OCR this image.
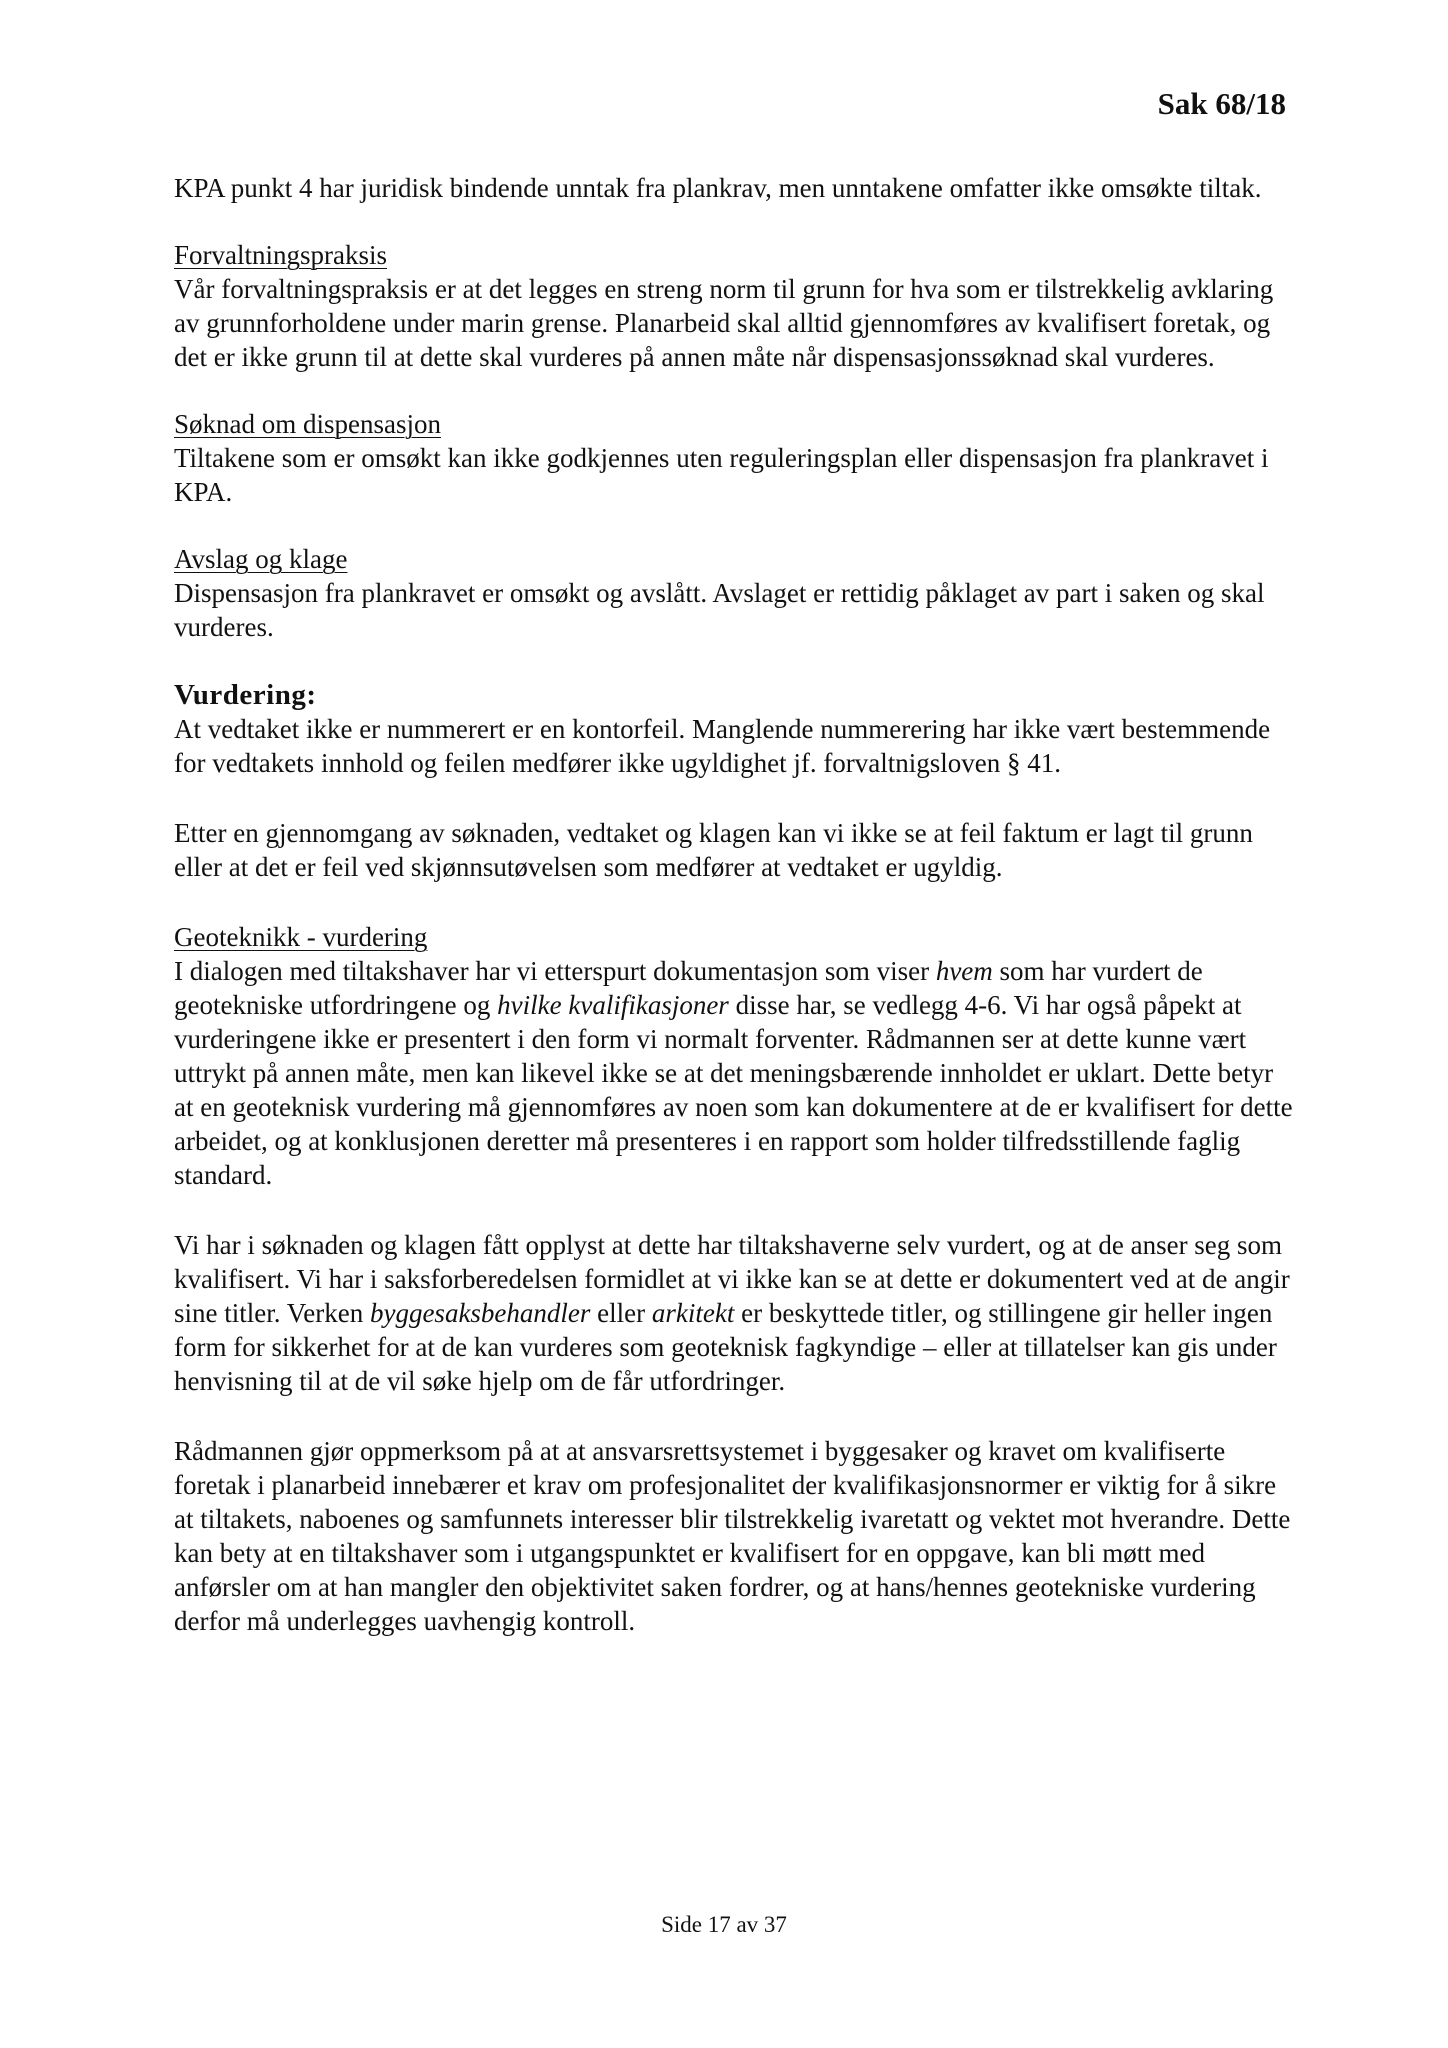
Sak 68/18

KPA punkt 4 har juridisk bindende unntak fra plankrav, men unntakene omfatter ikke omsøkte tiltak.

Forvaltningspraksis

Vår forvaltningspraksis er at det legges en streng norm til grunn for hva som er tilstrekkelig avklaring av grunnforholdene under marin grense. Planarbeid skal alltid gjennomføres av kvalifisert foretak, og det er ikke grunn til at dette skal vurderes på annen måte når dispensasjonssøknad skal vurderes.

Søknad om dispensasjon

Tiltakene som er omsøkt kan ikke godkjennes uten reguleringsplan eller dispensasjon fra plankravet i KPA.

Avslag og klage

Dispensasjon fra plankravet er omsøkt og avslått. Avslaget er rettidig påklaget av part i saken og skal vurderes.

Vurdering:

At vedtaket ikke er nummerert er en kontorfeil. Manglende nummerering har ikke vært bestemmende for vedtakets innhold og feilen medfører ikke ugyldighet jf. forvaltnigsloven § 41.

Etter en gjennomgang av søknaden, vedtaket og klagen kan vi ikke se at feil faktum er lagt til grunn eller at det er feil ved skjønnsutøvelsen som medfører at vedtaket er ugyldig.

Geoteknikk - vurdering

I dialogen med tiltakshaver har vi etterspurt dokumentasjon som viser hvem som har vurdert de geotekniske utfordringene og hvilke kvalifikasjoner disse har, se vedlegg 4-6. Vi har også påpekt at vurderingene ikke er presentert i den form vi normalt forventer. Rådmannen ser at dette kunne vært uttrykt på annen måte, men kan likevel ikke se at det meningsbærende innholdet er uklart. Dette betyr at en geoteknisk vurdering må gjennomføres av noen som kan dokumentere at de er kvalifisert for dette arbeidet, og at konklusjonen deretter må presenteres i en rapport som holder tilfredsstillende faglig standard.

Vi har i søknaden og klagen fått opplyst at dette har tiltakshaverne selv vurdert, og at de anser seg som kvalifisert. Vi har i saksforberedelsen formidlet at vi ikke kan se at dette er dokumentert ved at de angir sine titler. Verken byggesaksbehandler eller arkitekt er beskyttede titler, og stillingene gir heller ingen form for sikkerhet for at de kan vurderes som geoteknisk fagkyndige – eller at tillatelser kan gis under henvisning til at de vil søke hjelp om de får utfordringer.

Rådmannen gjør oppmerksom på at at ansvarsrettsystemet i byggesaker og kravet om kvalifiserte foretak i planarbeid innebærer et krav om profesjonalitet der kvalifikasjonsnormer er viktig for å sikre at tiltakets, naboenes og samfunnets interesser blir tilstrekkelig ivaretatt og vektet mot hverandre. Dette kan bety at en tiltakshaver som i utgangspunktet er kvalifisert for en oppgave, kan bli møtt med anførsler om at han mangler den objektivitet saken fordrer, og at hans/hennes geotekniske vurdering derfor må underlegges uavhengig kontroll.

Side 17 av 37
